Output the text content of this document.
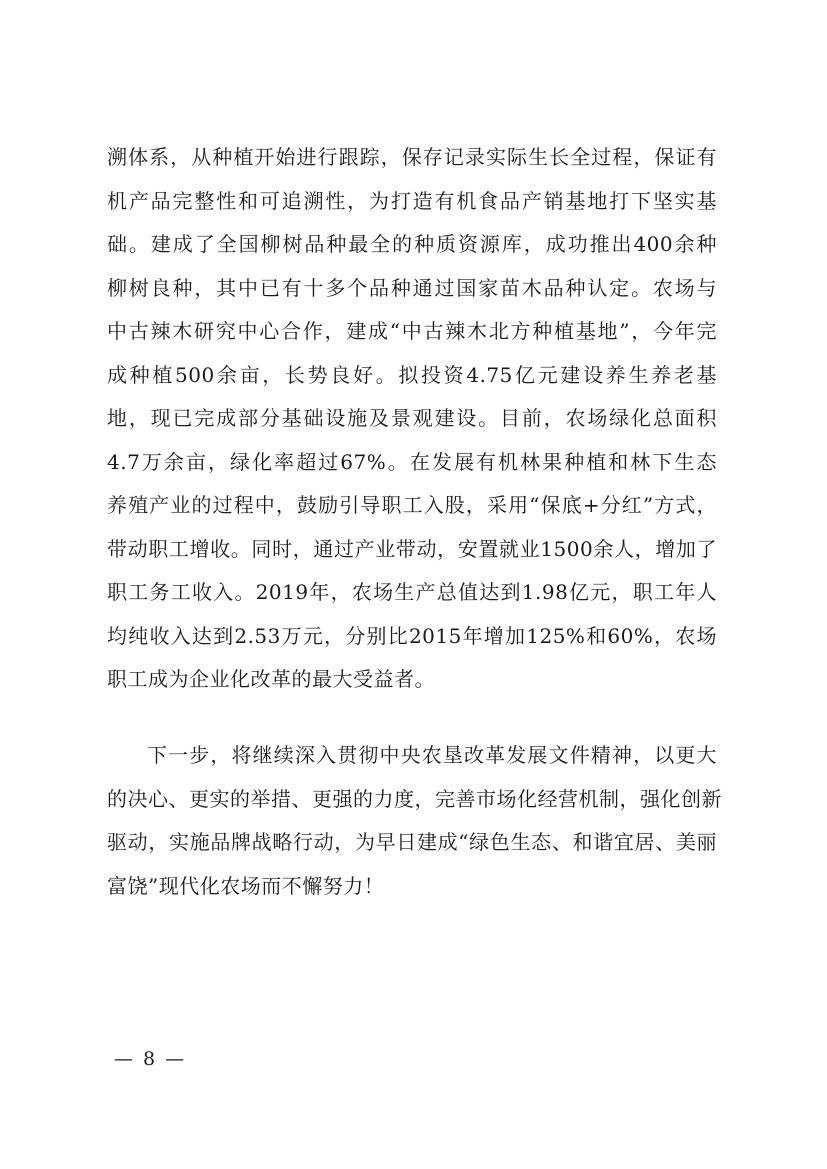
溯体系，从种植开始进行跟踪，保存记录实际生长全过程，保证有
机产品完整性和可追溯性，为打造有机食品产销基地打下坚实基
础。建成了全国柳树品种最全的种质资源库，成功推出400余种
柳树良种，其中已有十多个品种通过国家苗木品种认定。农场与
中古辣木研究中心合作，建成“中古辣木北方种植基地”，今年完
成种植500余亩，长势良好。拟投资4.75亿元建设养生养老基
地，现已完成部分基础设施及景观建设。目前，农场绿化总面积
4.7万余亩，绿化率超过67%。在发展有机林果种植和林下生态
养殖产业的过程中，鼓励引导职工入股，采用“保底+分红”方式，
带动职工增收。同时，通过产业带动，安置就业1500余人，增加了
职工务工收入。2019年，农场生产总值达到1.98亿元，职工年人
均纯收入达到2.53万元，分别比2015年增加125%和60%，农场
职工成为企业化改革的最大受益者。
下一步，将继续深入贯彻中央农垦改革发展文件精神，以更大
的决心、更实的举措、更强的力度，完善市场化经营机制，强化创新
驱动，实施品牌战略行动，为早日建成“绿色生态、和谐宜居、美丽
富饶”现代化农场而不懈努力！
— 8 —
